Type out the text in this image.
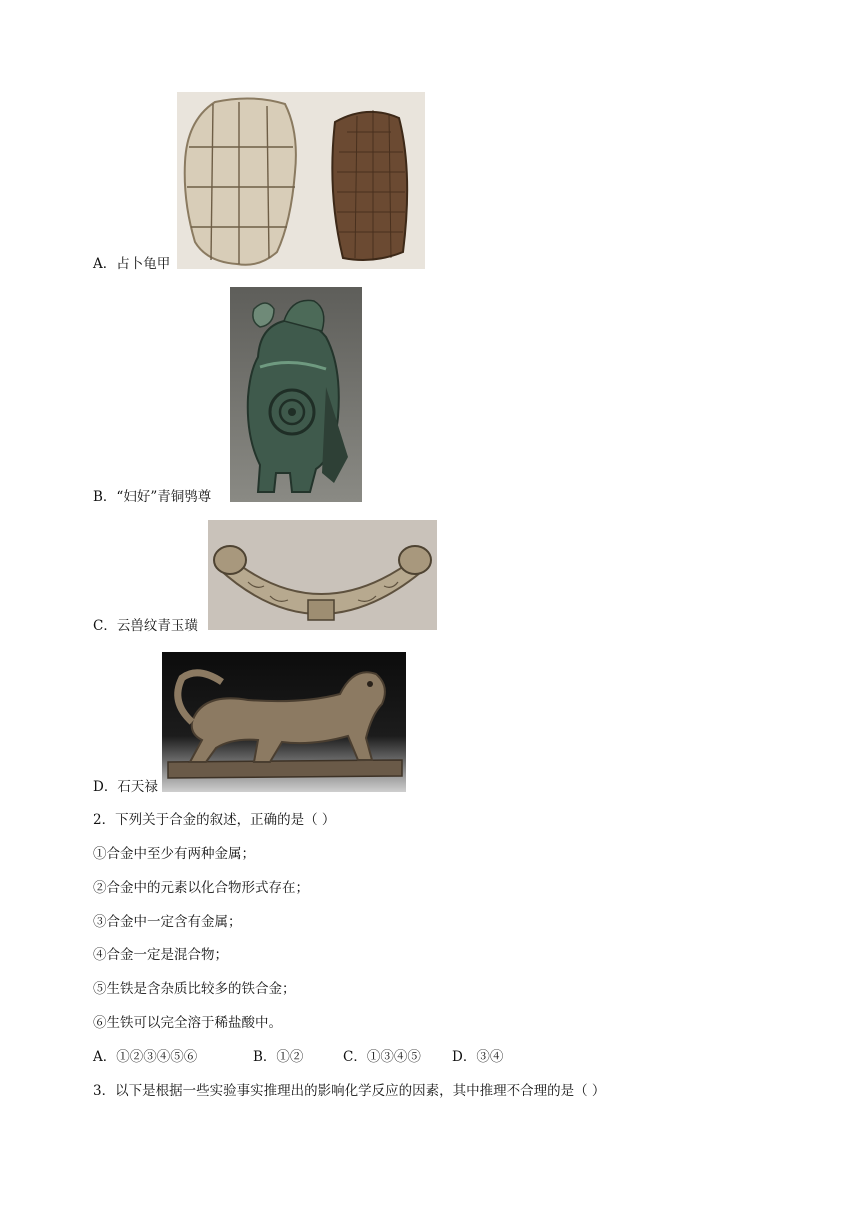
A．占卜龟甲
B．“妇好”青铜鸮尊
C．云兽纹青玉璜
D．石天禄
2．下列关于合金的叙述，正确的是（ ）
①合金中至少有两种金属；
②合金中的元素以化合物形式存在；
③合金中一定含有金属；
④合金一定是混合物；
⑤生铁是含杂质比较多的铁合金；
⑥生铁可以完全溶于稀盐酸中。
A．①②③④⑤⑥	B．①②	C．①③④⑤ D．③④
3．以下是根据一些实验事实推理出的影响化学反应的因素，其中推理不合理的是（ ）
